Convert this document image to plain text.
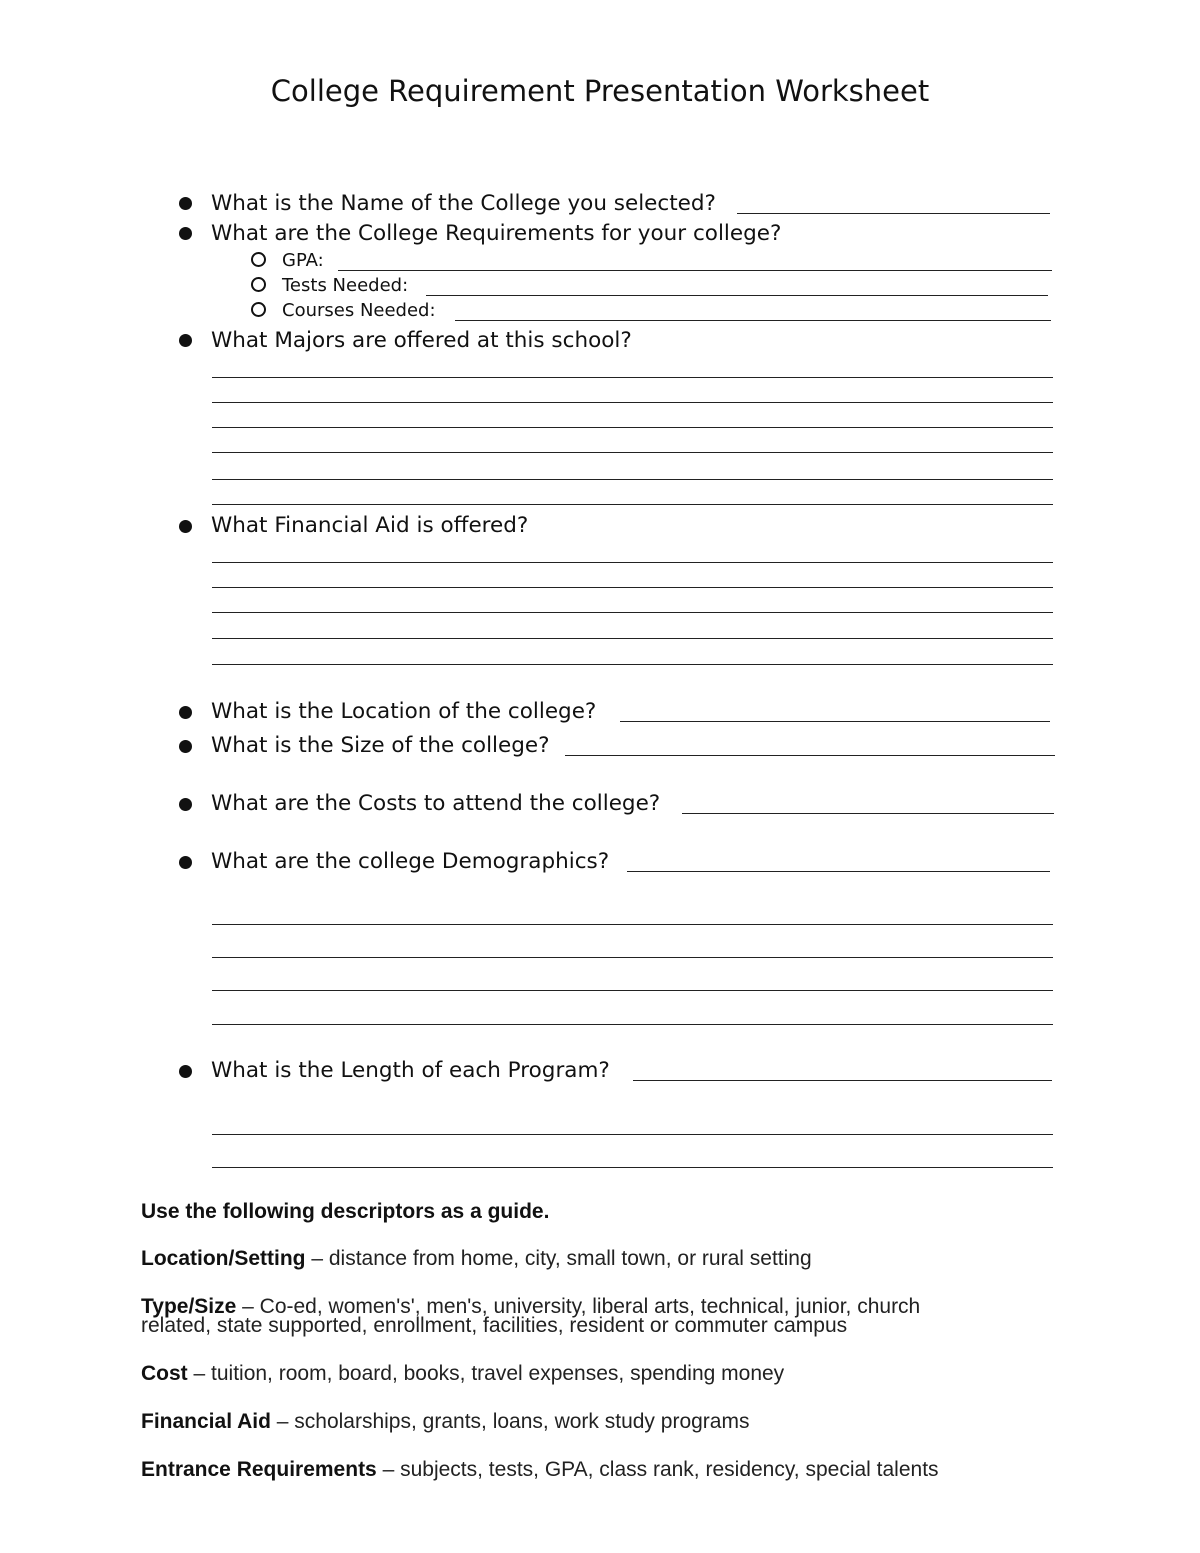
College Requirement Presentation Worksheet
What is the Name of the College you selected?
What are the College Requirements for your college?
GPA:
Tests Needed:
Courses Needed:
What Majors are offered at this school?
What Financial Aid is offered?
What is the Location of the college?
What is the Size of the college?
What are the Costs to attend the college?
What are the college Demographics?
What is the Length of each Program?
Use the following descriptors as a guide.
Location/Setting – distance from home, city, small town, or rural setting
Type/Size – Co-ed, women's', men's, university, liberal arts, technical, junior, church
related, state supported, enrollment, facilities, resident or commuter campus
Cost – tuition, room, board, books, travel expenses, spending money
Financial Aid – scholarships, grants, loans, work study programs
Entrance Requirements – subjects, tests, GPA, class rank, residency, special talents
